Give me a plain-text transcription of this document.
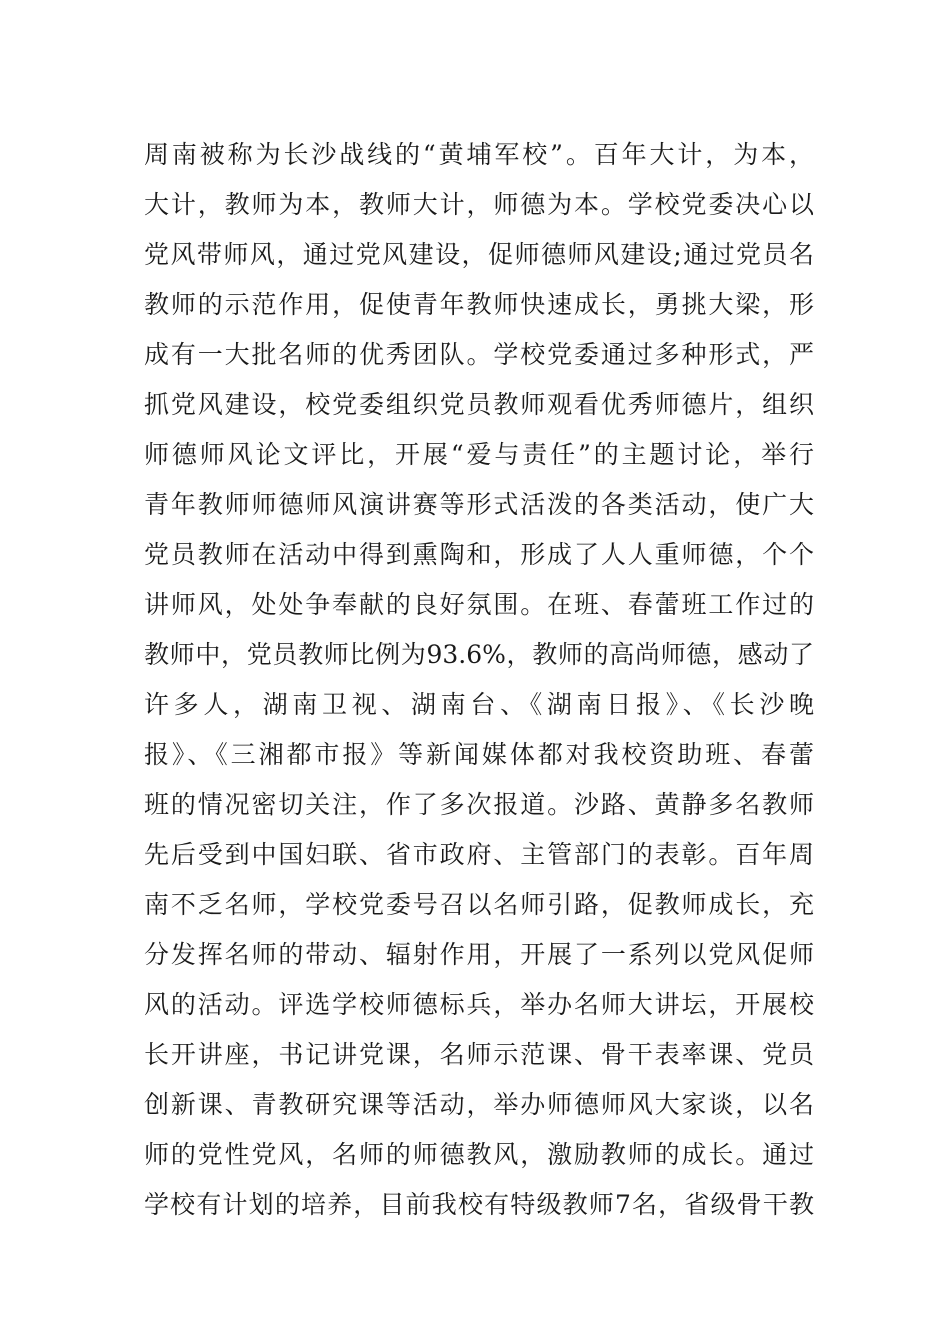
周南被称为长沙战线的“黄埔军校”。百年大计，为本，
大计，教师为本，教师大计，师德为本。学校党委决心以
党风带师风，通过党风建设，促师德师风建设;通过党员名
教师的示范作用，促使青年教师快速成长，勇挑大梁，形
成有一大批名师的优秀团队。学校党委通过多种形式，严
抓党风建设，校党委组织党员教师观看优秀师德片，组织
师德师风论文评比，开展“爱与责任”的主题讨论，举行
青年教师师德师风演讲赛等形式活泼的各类活动，使广大
党员教师在活动中得到熏陶和，形成了人人重师德，个个
讲师风，处处争奉献的良好氛围。在班、春蕾班工作过的
教师中，党员教师比例为93.6%，教师的高尚师德，感动了
许多人，湖南卫视、湖南台、《湖南日报》、《长沙晚
报》、《三湘都市报》等新闻媒体都对我校资助班、春蕾
班的情况密切关注，作了多次报道。沙路、黄静多名教师
先后受到中国妇联、省市政府、主管部门的表彰。百年周
南不乏名师，学校党委号召以名师引路，促教师成长，充
分发挥名师的带动、辐射作用，开展了一系列以党风促师
风的活动。评选学校师德标兵，举办名师大讲坛，开展校
长开讲座，书记讲党课，名师示范课、骨干表率课、党员
创新课、青教研究课等活动，举办师德师风大家谈，以名
师的党性党风，名师的师德教风，激励教师的成长。通过
学校有计划的培养，目前我校有特级教师7名，省级骨干教
